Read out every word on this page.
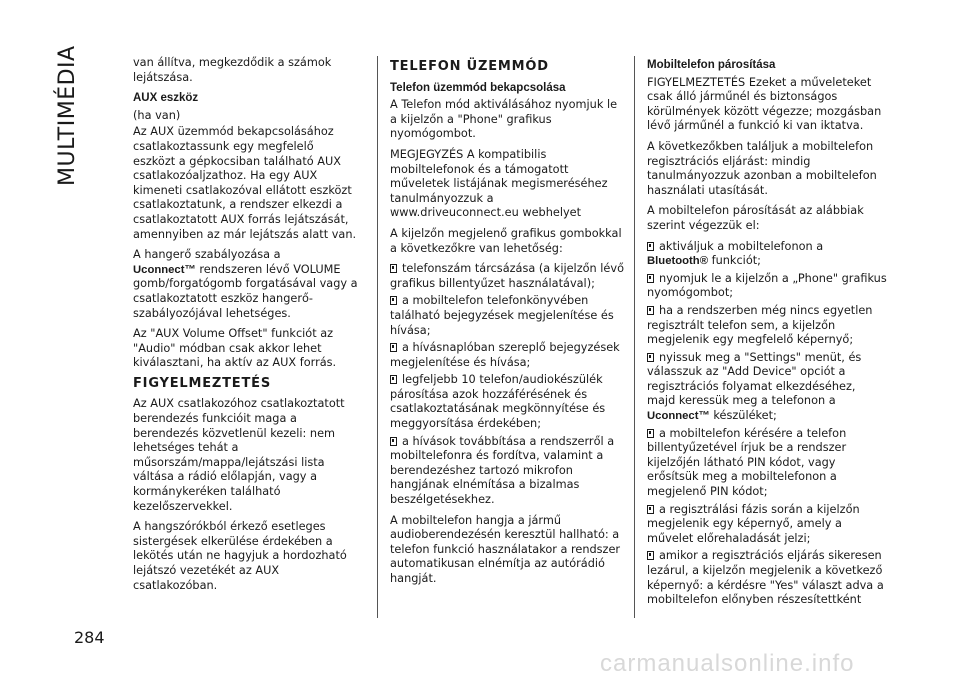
MULTIMÉDIA
284

van állítva, megkezdődik a számok lejátszása.

AUX eszköz

(ha van)

Az AUX üzemmód bekapcsolásához csatlakoztassunk egy megfelelő eszközt a gépkocsiban található AUX csatlakozóaljzathoz. Ha egy AUX kimeneti csatlakozóval ellátott eszközt csatlakoztatunk, a rendszer elkezdi a csatlakoztatott AUX forrás lejátszását, amennyiben az már lejátszás alatt van.

A hangerő szabályozása a
Uconnect™ rendszeren lévő VOLUME gomb/forgatógomb forgatásával vagy a csatlakoztatott eszköz hangerő-szabályozójával lehetséges.

Az "AUX Volume Offset" funkciót az "Audio" módban csak akkor lehet kiválasztani, ha aktív az AUX forrás.

FIGYELMEZTETÉS

Az AUX csatlakozóhoz csatlakoztatott berendezés funkcióit maga a berendezés közvetlenül kezeli: nem lehetséges tehát a műsorszám/mappa/lejátszási lista váltása a rádió előlapján, vagy a kormánykeréken található kezelőszervekkel.

A hangszórókból érkező esetleges sistergések elkerülése érdekében a lekötés után ne hagyjuk a hordozható lejátszó vezetékét az AUX csatlakozóban.

TELEFON ÜZEMMÓD
Telefon üzemmód bekapcsolása

A Telefon mód aktiválásához nyomjuk le a kijelzőn a "Phone" grafikus nyomógombot.

MEGJEGYZÉS A kompatibilis mobiltelefonok és a támogatott műveletek listájának megismeréséhez tanulmányozzuk a www.driveuconnect.eu webhelyet

A kijelzőn megjelenő grafikus gombokkal a következőkre van lehetőség:

telefonszám tárcsázása (a kijelzőn lévő grafikus billentyűzet használatával);
a mobiltelefon telefonkönyvében található bejegyzések megjelenítése és hívása;
a hívásnaplóban szereplő bejegyzések megjelenítése és hívása;
legfeljebb 10 telefon/audiokészülék párosítása azok hozzáférésének és csatlakoztatásának megkönnyítése és meggyorsítása érdekében;
a hívások továbbítása a rendszerről a mobiltelefonra és fordítva, valamint a berendezéshez tartozó mikrofon hangjának elnémítása a bizalmas beszélgetésekhez.

A mobiltelefon hangja a jármű audioberendezésén keresztül hallható: a telefon funkció használatakor a rendszer automatikusan elnémítja az autórádió hangját.

Mobiltelefon párosítása

FIGYELMEZTETÉS Ezeket a műveleteket csak álló járműnél és biztonságos körülmények között végezze; mozgásban lévő járműnél a funkció ki van iktatva.

A következőkben találjuk a mobiltelefon regisztrációs eljárást: mindig tanulmányozzuk azonban a mobiltelefon használati utasítását.

A mobiltelefon párosítását az alábbiak szerint végezzük el:

aktiváljuk a mobiltelefonon a Bluetooth® funkciót;
nyomjuk le a kijelzőn a „Phone" grafikus nyomógombot;
ha a rendszerben még nincs egyetlen regisztrált telefon sem, a kijelzőn megjelenik egy megfelelő képernyő;
nyissuk meg a "Settings" menüt, és válasszuk az "Add Device" opciót a regisztrációs folyamat elkezdéséhez, majd keressük meg a telefonon a Uconnect™ készüléket;
a mobiltelefon kérésére a telefon billentyűzetével írjuk be a rendszer kijelzőjén látható PIN kódot, vagy erősítsük meg a mobiltelefonon a megjelenő PIN kódot;
a regisztrálási fázis során a kijelzőn megjelenik egy képernyő, amely a művelet előrehaladását jelzi;
amikor a regisztrációs eljárás sikeresen lezárul, a kijelzőn megjelenik a következő képernyő: a kérdésre "Yes" választ adva a mobiltelefon előnyben részesítettként
carmanualsonline.info
